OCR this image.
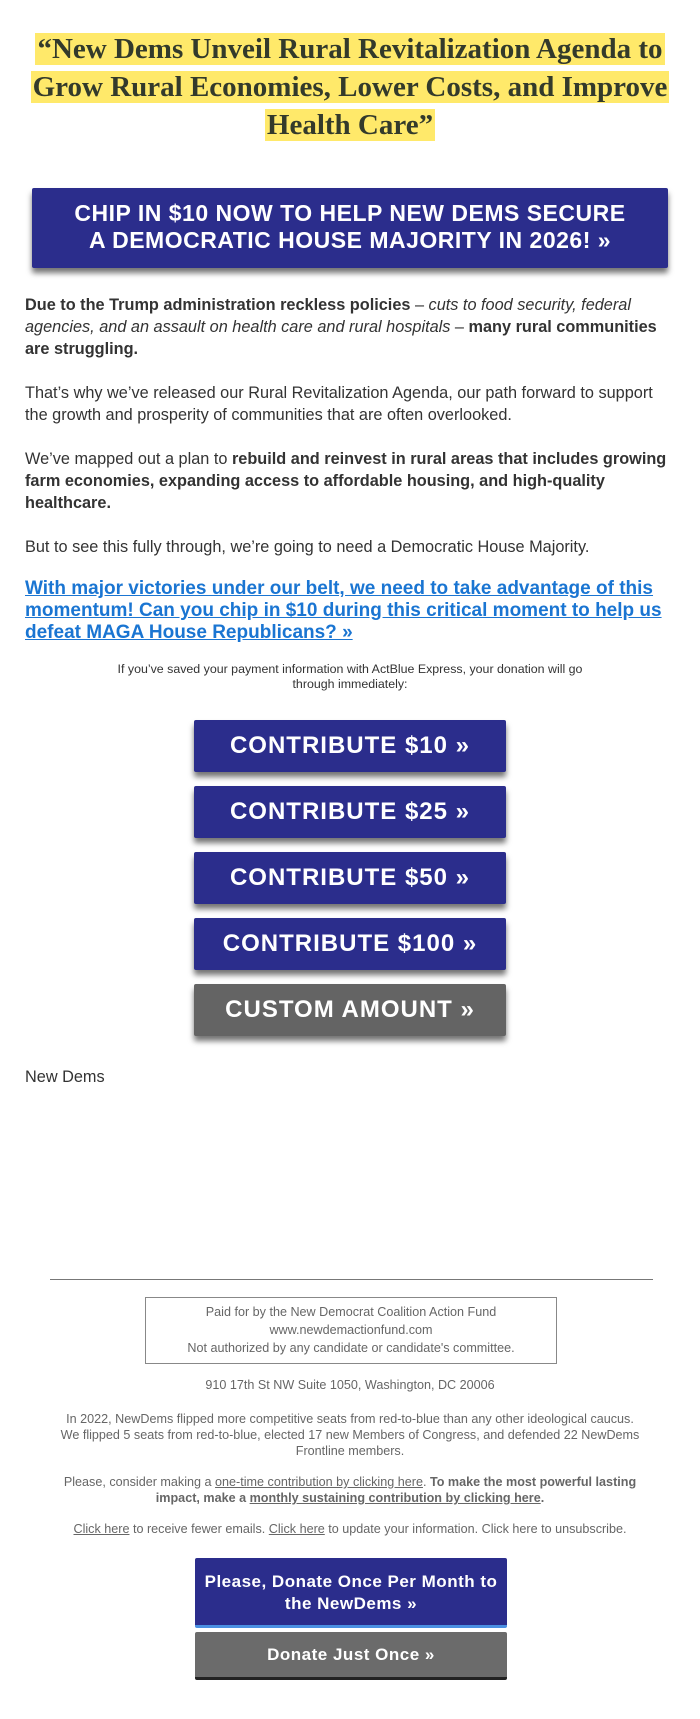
“New Dems Unveil Rural Revitalization Agenda to Grow Rural Economies, Lower Costs, and Improve Health Care”
CHIP IN $10 NOW TO HELP NEW DEMS SECURE A DEMOCRATIC HOUSE MAJORITY IN 2026! »

Due to the Trump administration reckless policies – cuts to food security, federal agencies, and an assault on health care and rural hospitals – many rural communities are struggling.

That’s why we’ve released our Rural Revitalization Agenda, our path forward to support the growth and prosperity of communities that are often overlooked.

We’ve mapped out a plan to rebuild and reinvest in rural areas that includes growing farm economies, expanding access to affordable housing, and high-quality healthcare.

But to see this fully through, we’re going to need a Democratic House Majority.

With major victories under our belt, we need to take advantage of this momentum! Can you chip in $10 during this critical moment to help us defeat MAGA House Republicans? »
If you’ve saved your payment information with ActBlue Express, your donation will go through immediately:
CONTRIBUTE $10 »
CONTRIBUTE $25 »
CONTRIBUTE $50 »
CONTRIBUTE $100 »
CUSTOM AMOUNT »
New Dems
Paid for by the New Democrat Coalition Action Fund
www.newdemactionfund.com
Not authorized by any candidate or candidate's committee.
910 17th St NW Suite 1050, Washington, DC 20006
In 2022, NewDems flipped more competitive seats from red-to-blue than any other ideological caucus. We flipped 5 seats from red-to-blue, elected 17 new Members of Congress, and defended 22 NewDems Frontline members.
Please, consider making a one-time contribution by clicking here. To make the most powerful lasting impact, make a monthly sustaining contribution by clicking here.
Click here to receive fewer emails. Click here to update your information. Click here to unsubscribe.
Please, Donate Once Per Month to the NewDems »
Donate Just Once »
